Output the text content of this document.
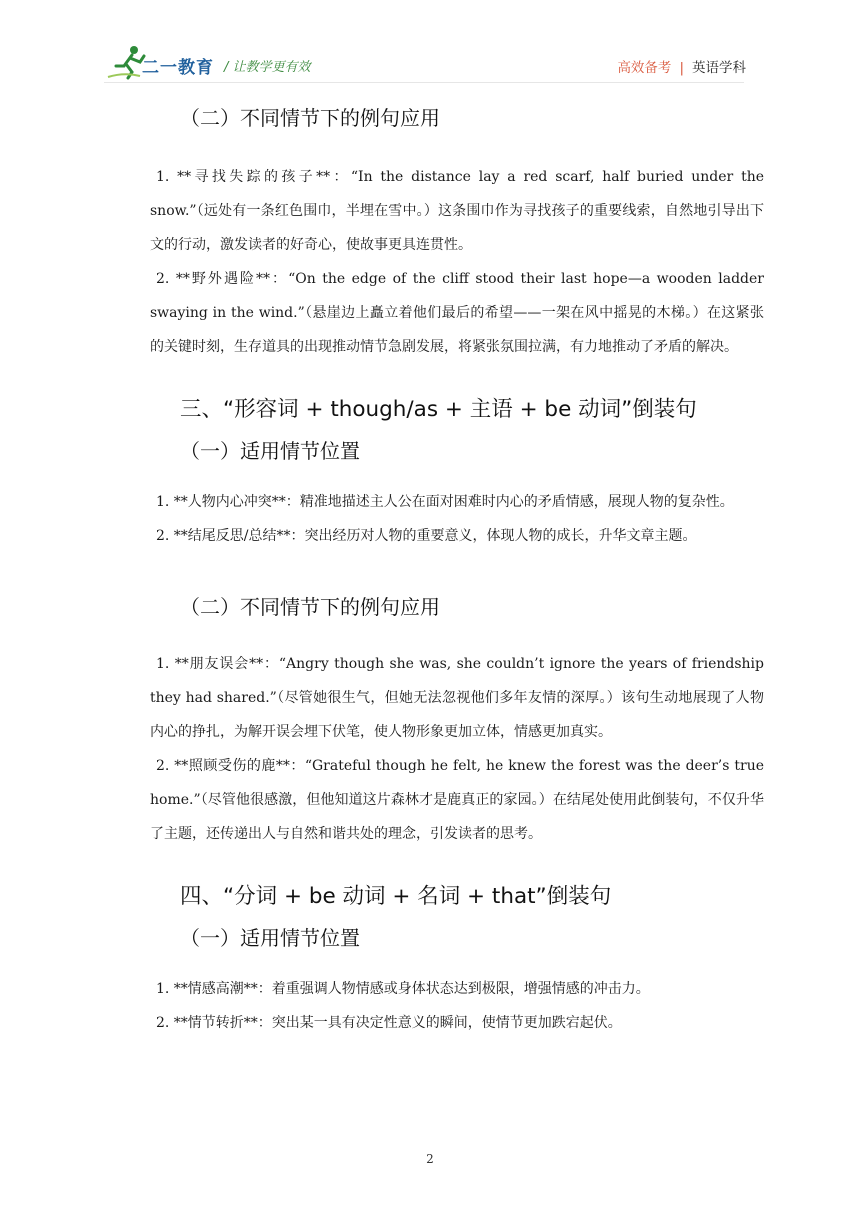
二一教育 / 让教学更有效	高效备考 | 英语学科
（二）不同情节下的例句应用

1. **寻找失踪的孩子**：“In the distance lay a red scarf, half buried under the snow.”（远处有一条红色围巾，半埋在雪中。）这条围巾作为寻找孩子的重要线索，自然地引导出下文的行动，激发读者的好奇心，使故事更具连贯性。

2. **野外遇险**：“On the edge of the cliff stood their last hope—a wooden ladder swaying in the wind.”（悬崖边上矗立着他们最后的希望——一架在风中摇晃的木梯。）在这紧张的关键时刻，生存道具的出现推动情节急剧发展，将紧张氛围拉满，有力地推动了矛盾的解决。

三、“形容词 + though/as + 主语 + be 动词”倒装句
（一）适用情节位置

1. **人物内心冲突**：精准地描述主人公在面对困难时内心的矛盾情感，展现人物的复杂性。

2. **结尾反思/总结**：突出经历对人物的重要意义，体现人物的成长，升华文章主题。

（二）不同情节下的例句应用

1. **朋友误会**：“Angry though she was, she couldn’t ignore the years of friendship they had shared.”（尽管她很生气，但她无法忽视他们多年友情的深厚。）该句生动地展现了人物内心的挣扎，为解开误会埋下伏笔，使人物形象更加立体，情感更加真实。

2. **照顾受伤的鹿**：“Grateful though he felt, he knew the forest was the deer’s true home.”（尽管他很感激，但他知道这片森林才是鹿真正的家园。）在结尾处使用此倒装句，不仅升华了主题，还传递出人与自然和谐共处的理念，引发读者的思考。

四、“分词 + be 动词 + 名词 + that”倒装句
（一）适用情节位置

1. **情感高潮**：着重强调人物情感或身体状态达到极限，增强情感的冲击力。

2. **情节转折**：突出某一具有决定性意义的瞬间，使情节更加跌宕起伏。

2
